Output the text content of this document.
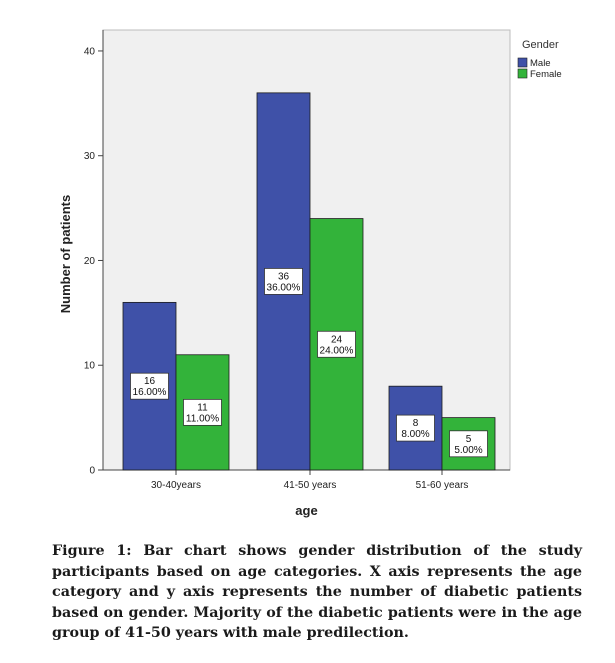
0
10
20
30
40
30-40years	41-50 years	51-60 years
16
16.00%
11
11.00%
36
36.00%
24
24.00%
8
8.00%	5
5.00%
Number of patients
age
Gender
Male
Female

Figure 1: Bar chart shows gender distribution of the study participants based on age categories. X axis represents the age category and y axis represents the number of diabetic patients based on gender. Majority of the diabetic patients were in the age group of 41-50 years with male predilection.
